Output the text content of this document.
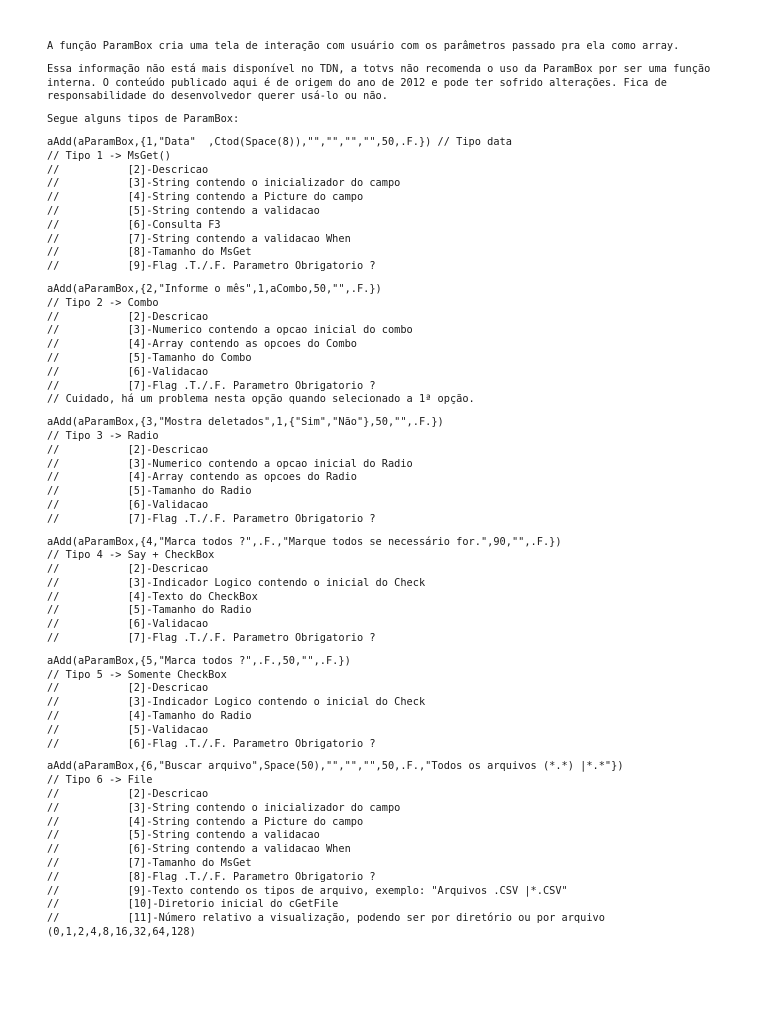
A função ParamBox cria uma tela de interação com usuário com os parâmetros passado pra ela como array.

Essa informação não está mais disponível no TDN, a totvs não recomenda o uso da ParamBox por ser uma função interna. O conteúdo publicado aqui é de origem do ano de 2012 e pode ter sofrido alterações. Fica de responsabilidade do desenvolvedor querer usá-lo ou não.

Segue alguns tipos de ParamBox:

aAdd(aParamBox,{1,"Data"  ,Ctod(Space(8)),"","","","",50,.F.}) // Tipo data
// Tipo 1 -> MsGet()
//           [2]-Descricao
//           [3]-String contendo o inicializador do campo
//           [4]-String contendo a Picture do campo
//           [5]-String contendo a validacao
//           [6]-Consulta F3
//           [7]-String contendo a validacao When
//           [8]-Tamanho do MsGet
//           [9]-Flag .T./.F. Parametro Obrigatorio ?
aAdd(aParamBox,{2,"Informe o mês",1,aCombo,50,"",.F.})
// Tipo 2 -> Combo
//           [2]-Descricao
//           [3]-Numerico contendo a opcao inicial do combo
//           [4]-Array contendo as opcoes do Combo
//           [5]-Tamanho do Combo
//           [6]-Validacao
//           [7]-Flag .T./.F. Parametro Obrigatorio ?
// Cuidado, há um problema nesta opção quando selecionado a 1ª opção.
aAdd(aParamBox,{3,"Mostra deletados",1,{"Sim","Não"},50,"",.F.})
// Tipo 3 -> Radio
//           [2]-Descricao
//           [3]-Numerico contendo a opcao inicial do Radio
//           [4]-Array contendo as opcoes do Radio
//           [5]-Tamanho do Radio
//           [6]-Validacao
//           [7]-Flag .T./.F. Parametro Obrigatorio ?
aAdd(aParamBox,{4,"Marca todos ?",.F.,"Marque todos se necessário for.",90,"",.F.})
// Tipo 4 -> Say + CheckBox
//           [2]-Descricao
//           [3]-Indicador Logico contendo o inicial do Check
//           [4]-Texto do CheckBox
//           [5]-Tamanho do Radio
//           [6]-Validacao
//           [7]-Flag .T./.F. Parametro Obrigatorio ?
aAdd(aParamBox,{5,"Marca todos ?",.F.,50,"",.F.})
// Tipo 5 -> Somente CheckBox
//           [2]-Descricao
//           [3]-Indicador Logico contendo o inicial do Check
//           [4]-Tamanho do Radio
//           [5]-Validacao
//           [6]-Flag .T./.F. Parametro Obrigatorio ?
aAdd(aParamBox,{6,"Buscar arquivo",Space(50),"","","",50,.F.,"Todos os arquivos (*.*) |*.*"})
// Tipo 6 -> File
//           [2]-Descricao
//           [3]-String contendo o inicializador do campo
//           [4]-String contendo a Picture do campo
//           [5]-String contendo a validacao
//           [6]-String contendo a validacao When
//           [7]-Tamanho do MsGet
//           [8]-Flag .T./.F. Parametro Obrigatorio ?
//           [9]-Texto contendo os tipos de arquivo, exemplo: "Arquivos .CSV |*.CSV"
//           [10]-Diretorio inicial do cGetFile
//           [11]-Número relativo a visualização, podendo ser por diretório ou por arquivo
(0,1,2,4,8,16,32,64,128)
